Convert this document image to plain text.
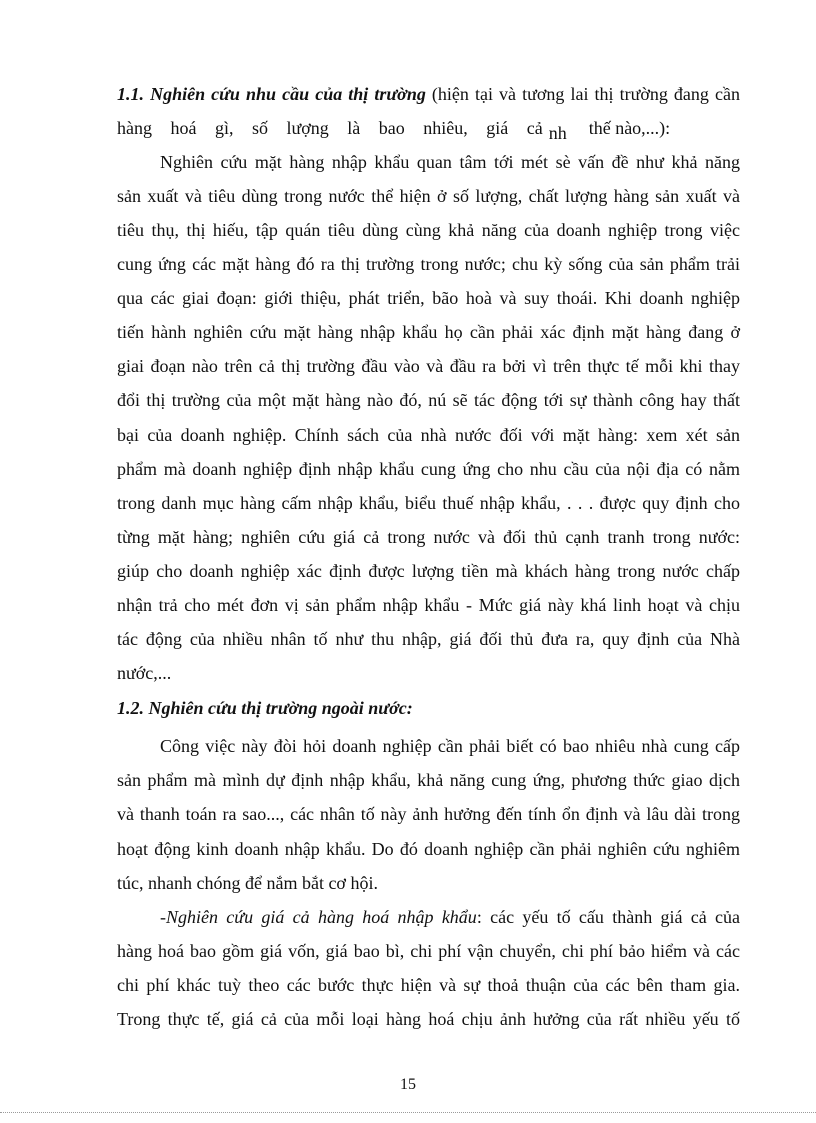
1.1. Nghiên cứu nhu cầu của thị trường (hiện tại và tương lai thị trường đang cần
hàng hoá gì, số lượng là bao nhiêu, giá cả nh thế nào,...):
Nghiên cứu mặt hàng nhập khẩu quan tâm tới mét sè vấn đề như khả năng
sản xuất và tiêu dùng trong nước thể hiện ở số lượng, chất lượng hàng sản xuất và
tiêu thụ, thị hiếu, tập quán tiêu dùng cùng khả năng của doanh nghiệp trong việc
cung ứng các mặt hàng đó ra thị trường trong nước; chu kỳ sống của sản phẩm trải
qua các giai đoạn: giới thiệu, phát triển, bão hoà và suy thoái. Khi doanh nghiệp
tiến hành nghiên cứu mặt hàng nhập khẩu họ cần phải xác định mặt hàng đang ở
giai đoạn nào trên cả thị trường đầu vào và đầu ra bởi vì trên thực tế mỗi khi thay
đổi thị trường của một mặt hàng nào đó, nú sẽ tác động tới sự thành công hay thất
bại của doanh nghiệp. Chính sách của nhà nước đối với mặt hàng: xem xét sản
phẩm mà doanh nghiệp định nhập khẩu cung ứng cho nhu cầu của nội địa có nằm
trong danh mục hàng cấm nhập khẩu, biểu thuế nhập khẩu, . . . được quy định cho
từng mặt hàng; nghiên cứu giá cả trong nước và đối thủ cạnh tranh trong nước:
giúp cho doanh nghiệp xác định được lượng tiền mà khách hàng trong nước chấp
nhận trả cho mét đơn vị sản phẩm nhập khẩu - Mức giá này khá linh hoạt và chịu
tác động của nhiều nhân tố như thu nhập, giá đối thủ đưa ra, quy định của Nhà
nước,...
1.2. Nghiên cứu thị trường ngoài nước:
Công việc này đòi hỏi doanh nghiệp cần phải biết có bao nhiêu nhà cung cấp
sản phẩm mà mình dự định nhập khẩu, khả năng cung ứng, phương thức giao dịch
và thanh toán ra sao..., các nhân tố này ảnh hưởng đến tính ổn định và lâu dài trong
hoạt động kinh doanh nhập khẩu. Do đó doanh nghiệp cần phải nghiên cứu nghiêm
túc, nhanh chóng để nắm bắt cơ hội.
-Nghiên cứu giá cả hàng hoá nhập khẩu: các yếu tố cấu thành giá cả của
hàng hoá bao gồm giá vốn, giá bao bì, chi phí vận chuyển, chi phí bảo hiểm và các
chi phí khác tuỳ theo các bước thực hiện và sự thoả thuận của các bên tham gia.
Trong thực tế, giá cả của mỗi loại hàng hoá chịu ảnh hưởng của rất nhiều yếu tố
15
